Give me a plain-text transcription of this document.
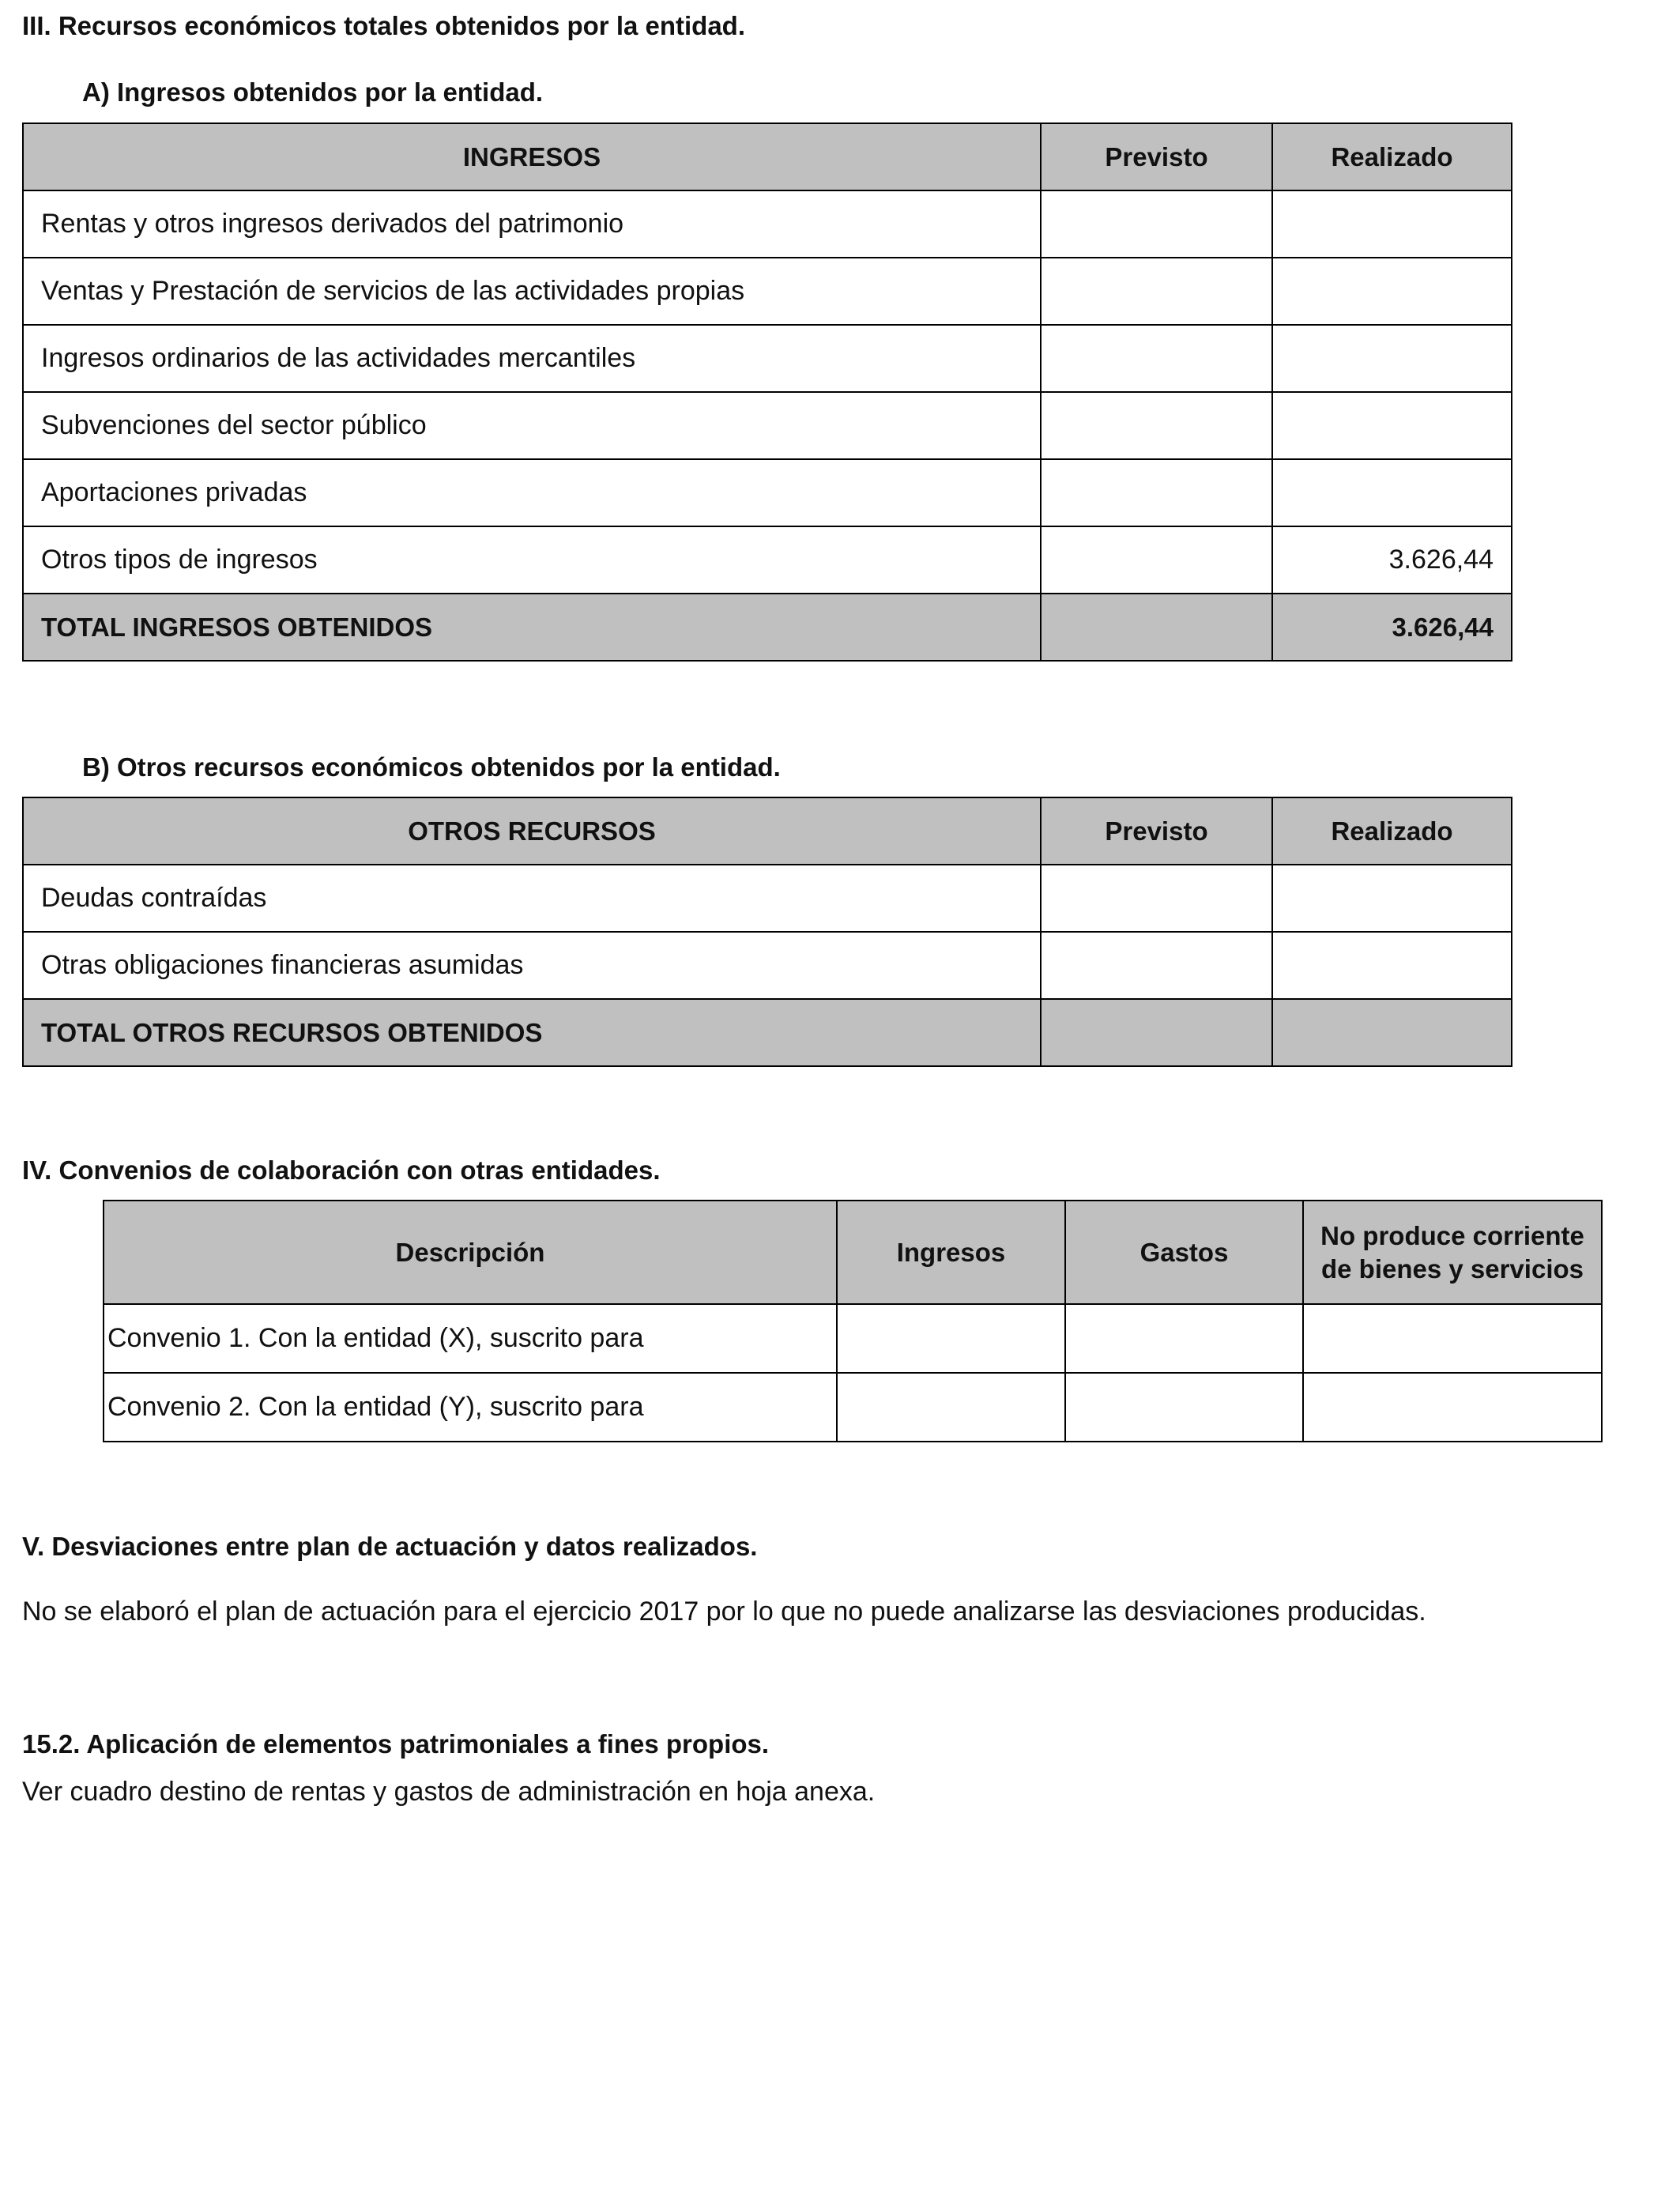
III. Recursos económicos totales obtenidos por la entidad.
A) Ingresos obtenidos por la entidad.
INGRESOS	Previsto	Realizado
Rentas y otros ingresos derivados del patrimonio		
Ventas y Prestación de servicios de las actividades propias		
Ingresos ordinarios de las actividades mercantiles		
Subvenciones del sector público		
Aportaciones privadas		
Otros tipos de ingresos		3.626,44
TOTAL INGRESOS OBTENIDOS		3.626,44
B) Otros recursos económicos obtenidos por la entidad.
OTROS RECURSOS	Previsto	Realizado
Deudas contraídas		
Otras obligaciones financieras asumidas		
TOTAL OTROS RECURSOS OBTENIDOS		
IV. Convenios de colaboración con otras entidades.
Descripción	Ingresos	Gastos	No produce corriente de bienes y servicios
Convenio 1. Con la entidad (X), suscrito para			
Convenio 2. Con la entidad (Y), suscrito para			
V. Desviaciones entre plan de actuación y datos realizados.
No se elaboró el plan de actuación para el ejercicio 2017 por lo que no puede analizarse las desviaciones producidas.
15.2. Aplicación de elementos patrimoniales a fines propios.
Ver cuadro destino de rentas y gastos de administración en hoja anexa.
